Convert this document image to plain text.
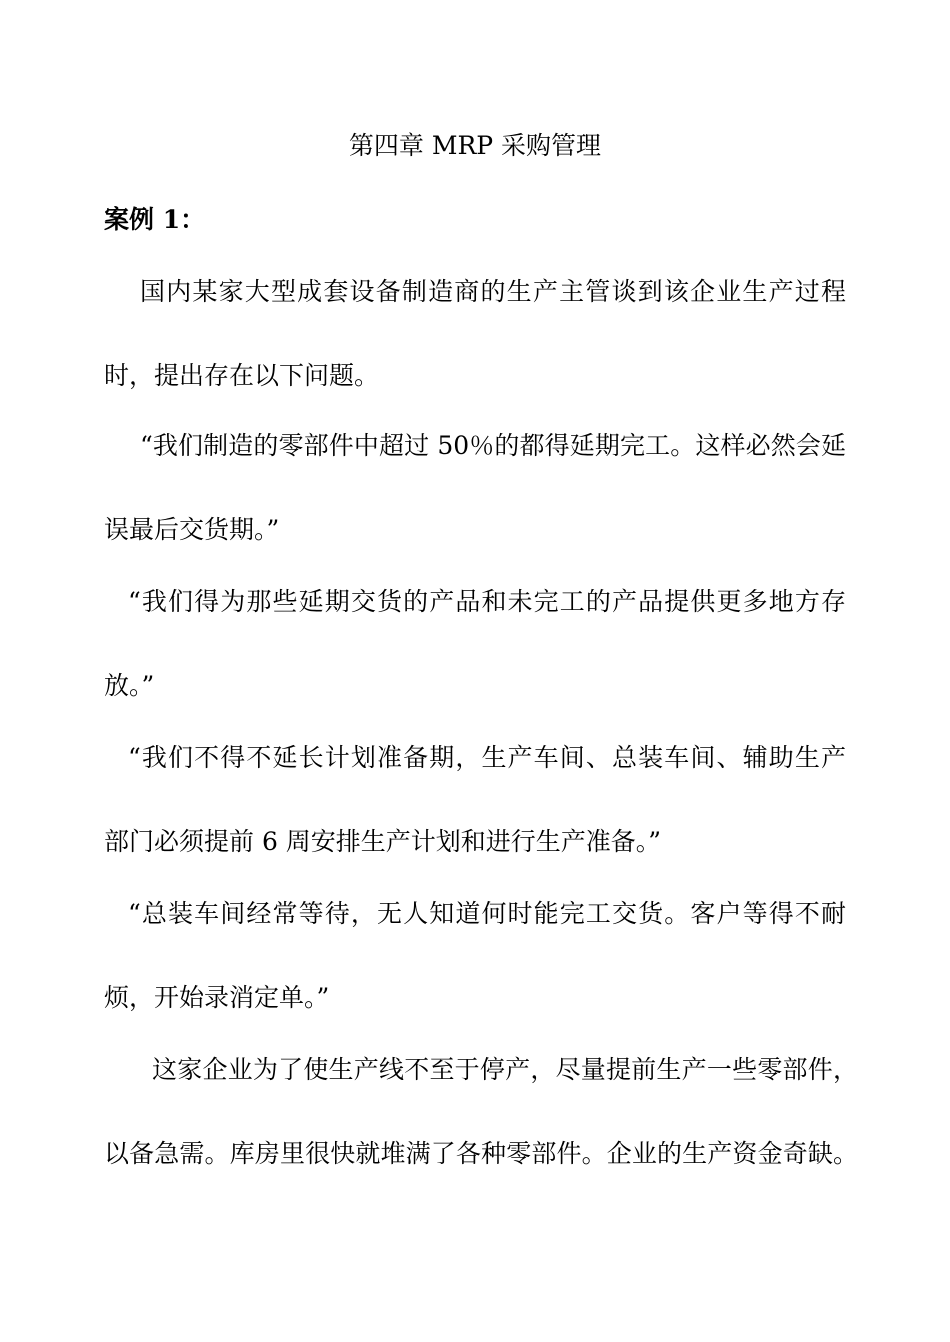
第四章 MRP 采购管理
案例 1：
国内某家大型成套设备制造商的生产主管谈到该企业生产过程
时，提出存在以下问题。
“我们制造的零部件中超过 50％的都得延期完工。这样必然会延
误最后交货期。”
“我们得为那些延期交货的产品和未完工的产品提供更多地方存
放。”
“我们不得不延长计划准备期，生产车间、总装车间、辅助生产
部门必须提前 6 周安排生产计划和进行生产准备。”
“总装车间经常等待，无人知道何时能完工交货。客户等得不耐
烦，开始录消定单。”
这家企业为了使生产线不至于停产，尽量提前生产一些零部件，
以备急需。库房里很快就堆满了各种零部件。企业的生产资金奇缺。
